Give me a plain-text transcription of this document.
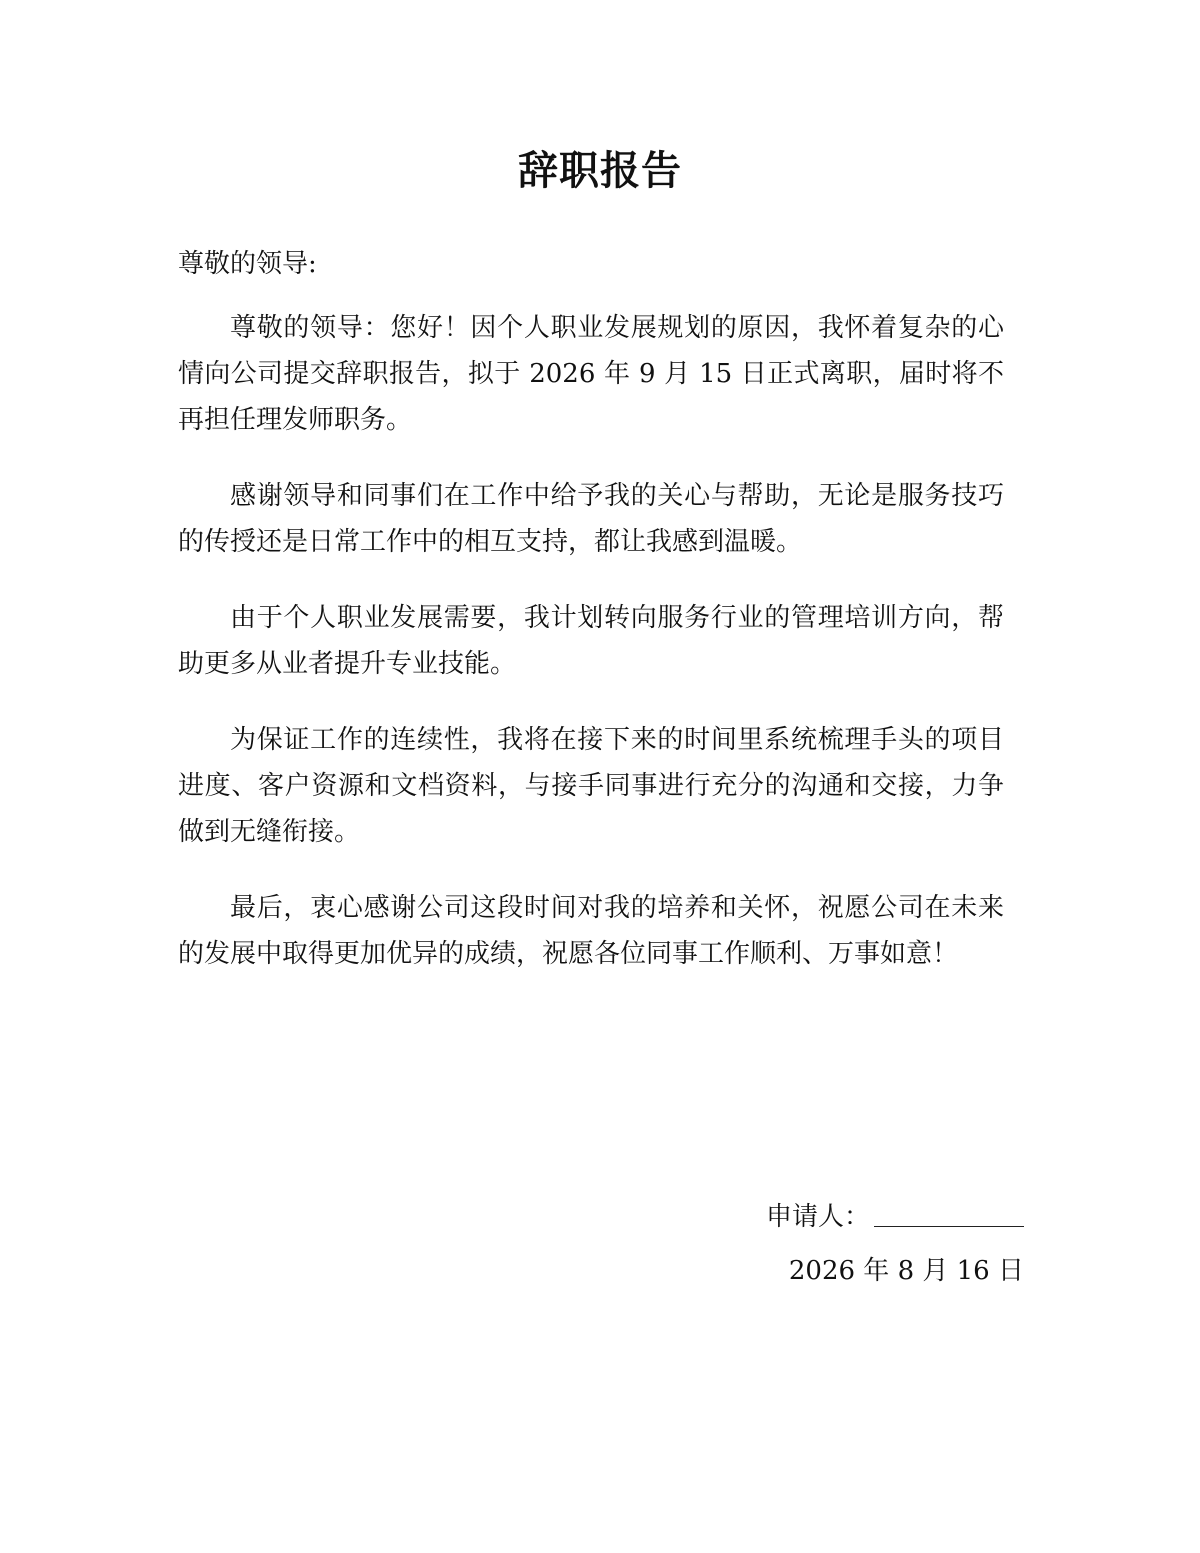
辞职报告

尊敬的领导:

尊敬的领导：您好！因个人职业发展规划的原因，我怀着复杂的心情向公司提交辞职报告，拟于 2026 年 9 月 15 日正式离职，届时将不再担任理发师职务。

感谢领导和同事们在工作中给予我的关心与帮助，无论是服务技巧的传授还是日常工作中的相互支持，都让我感到温暖。

由于个人职业发展需要，我计划转向服务行业的管理培训方向，帮助更多从业者提升专业技能。

为保证工作的连续性，我将在接下来的时间里系统梳理手头的项目进度、客户资源和文档资料，与接手同事进行充分的沟通和交接，力争做到无缝衔接。

最后，衷心感谢公司这段时间对我的培养和关怀，祝愿公司在未来的发展中取得更加优异的成绩，祝愿各位同事工作顺利、万事如意！

申请人：
2026 年 8 月 16 日
